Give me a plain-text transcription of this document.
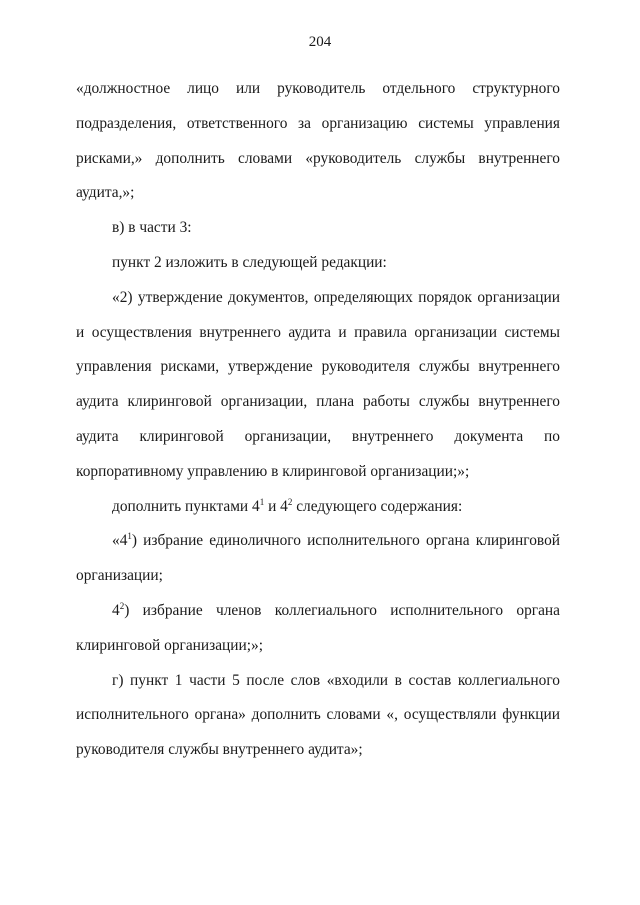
204

«должностное лицо или руководитель отдельного структурного подразделения, ответственного за организацию системы управления рисками,» дополнить словами «руководитель службы внутреннего аудита,»;

в) в части 3:

пункт 2 изложить в следующей редакции:

«2) утверждение документов, определяющих порядок организации и осуществления внутреннего аудита и правила организации системы управления рисками, утверждение руководителя службы внутреннего аудита клиринговой организации, плана работы службы внутреннего аудита клиринговой организации, внутреннего документа по корпоративному управлению в клиринговой организации;»;

дополнить пунктами $4^1$ и $4^2$ следующего содержания:

«$4^1$) избрание единоличного исполнительного органа клиринговой организации;

$4^2$) избрание членов коллегиального исполнительного органа клиринговой организации;»;

г) пункт 1 части 5 после слов «входили в состав коллегиального исполнительного органа» дополнить словами «, осуществляли функции руководителя службы внутреннего аудита»;
